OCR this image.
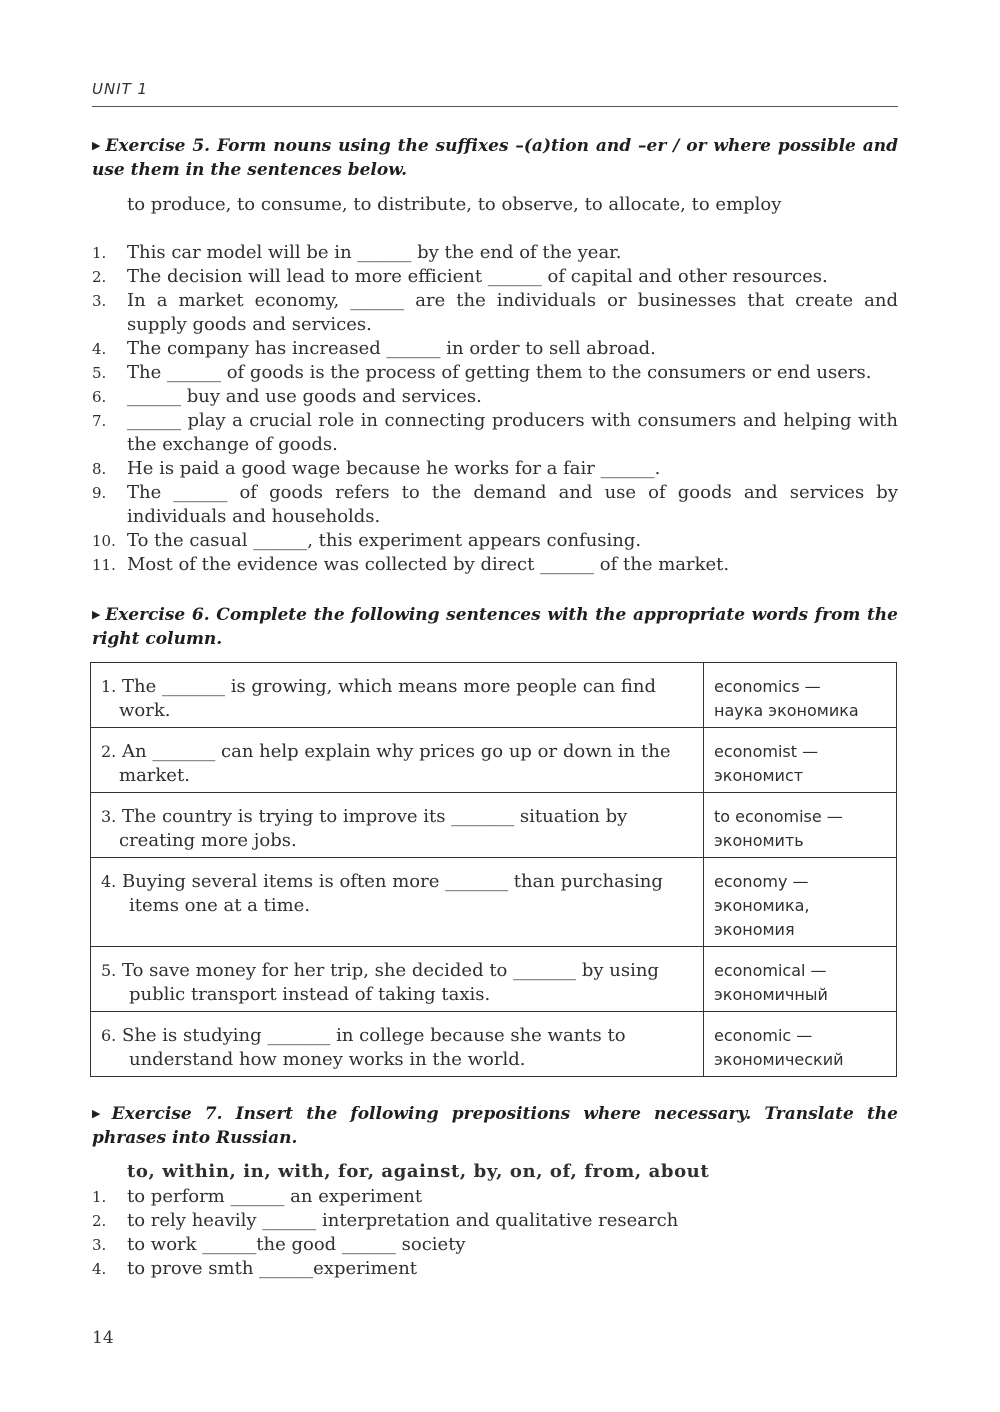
UNIT 1
▶ Exercise 5. Form nouns using the suffixes –(a)tion and –er / or where possible and use them in the sentences below.
to produce, to consume, to distribute, to observe, to allocate, to employ
1.	This car model will be in ______ by the end of the year.
2.	The decision will lead to more efficient ______ of capital and other resources.
3.	In a market economy, ______ are the individuals or businesses that create and supply goods and services.
4.	The company has increased ______ in order to sell abroad.
5.	The ______ of goods is the process of getting them to the consumers or end users.
6.	______ buy and use goods and services.
7.	______ play a crucial role in connecting producers with consumers and helping with the exchange of goods.
8.	He is paid a good wage because he works for a fair ______.
9.	The ______ of goods refers to the demand and use of goods and services by individuals and households.
10. To the casual ______, this experiment appears confusing.
11. Most of the evidence was collected by direct ______ of the market.
▶ Exercise 6. Complete the following sentences with the appropriate words from the right column.
1. The _______ is growing, which means more people can find
work.	economics —
наука экономика

2. An _______ can help explain why prices go up or down in the
market.	economist —
экономист

3. The country is trying to improve its _______ situation by
creating more jobs.	to economise —
экономить

4. Buying several items is often more _______ than purchasing
items one at a time.	economy —
экономика,
экономия

5. To save money for her trip, she decided to _______ by using
public transport instead of taking taxis.	economical —
экономичный

6. She is studying _______ in college because she wants to
understand how money works in the world.	economic —
экономический
▶ Exercise 7. Insert the following prepositions where necessary. Translate the phrases into Russian.
to, within, in, with, for, against, by, on, of, from, about
1.	to perform ______ an experiment
2.	to rely heavily ______ interpretation and qualitative research
3.	to work ______the good ______ society
4.	to prove smth ______experiment
14
